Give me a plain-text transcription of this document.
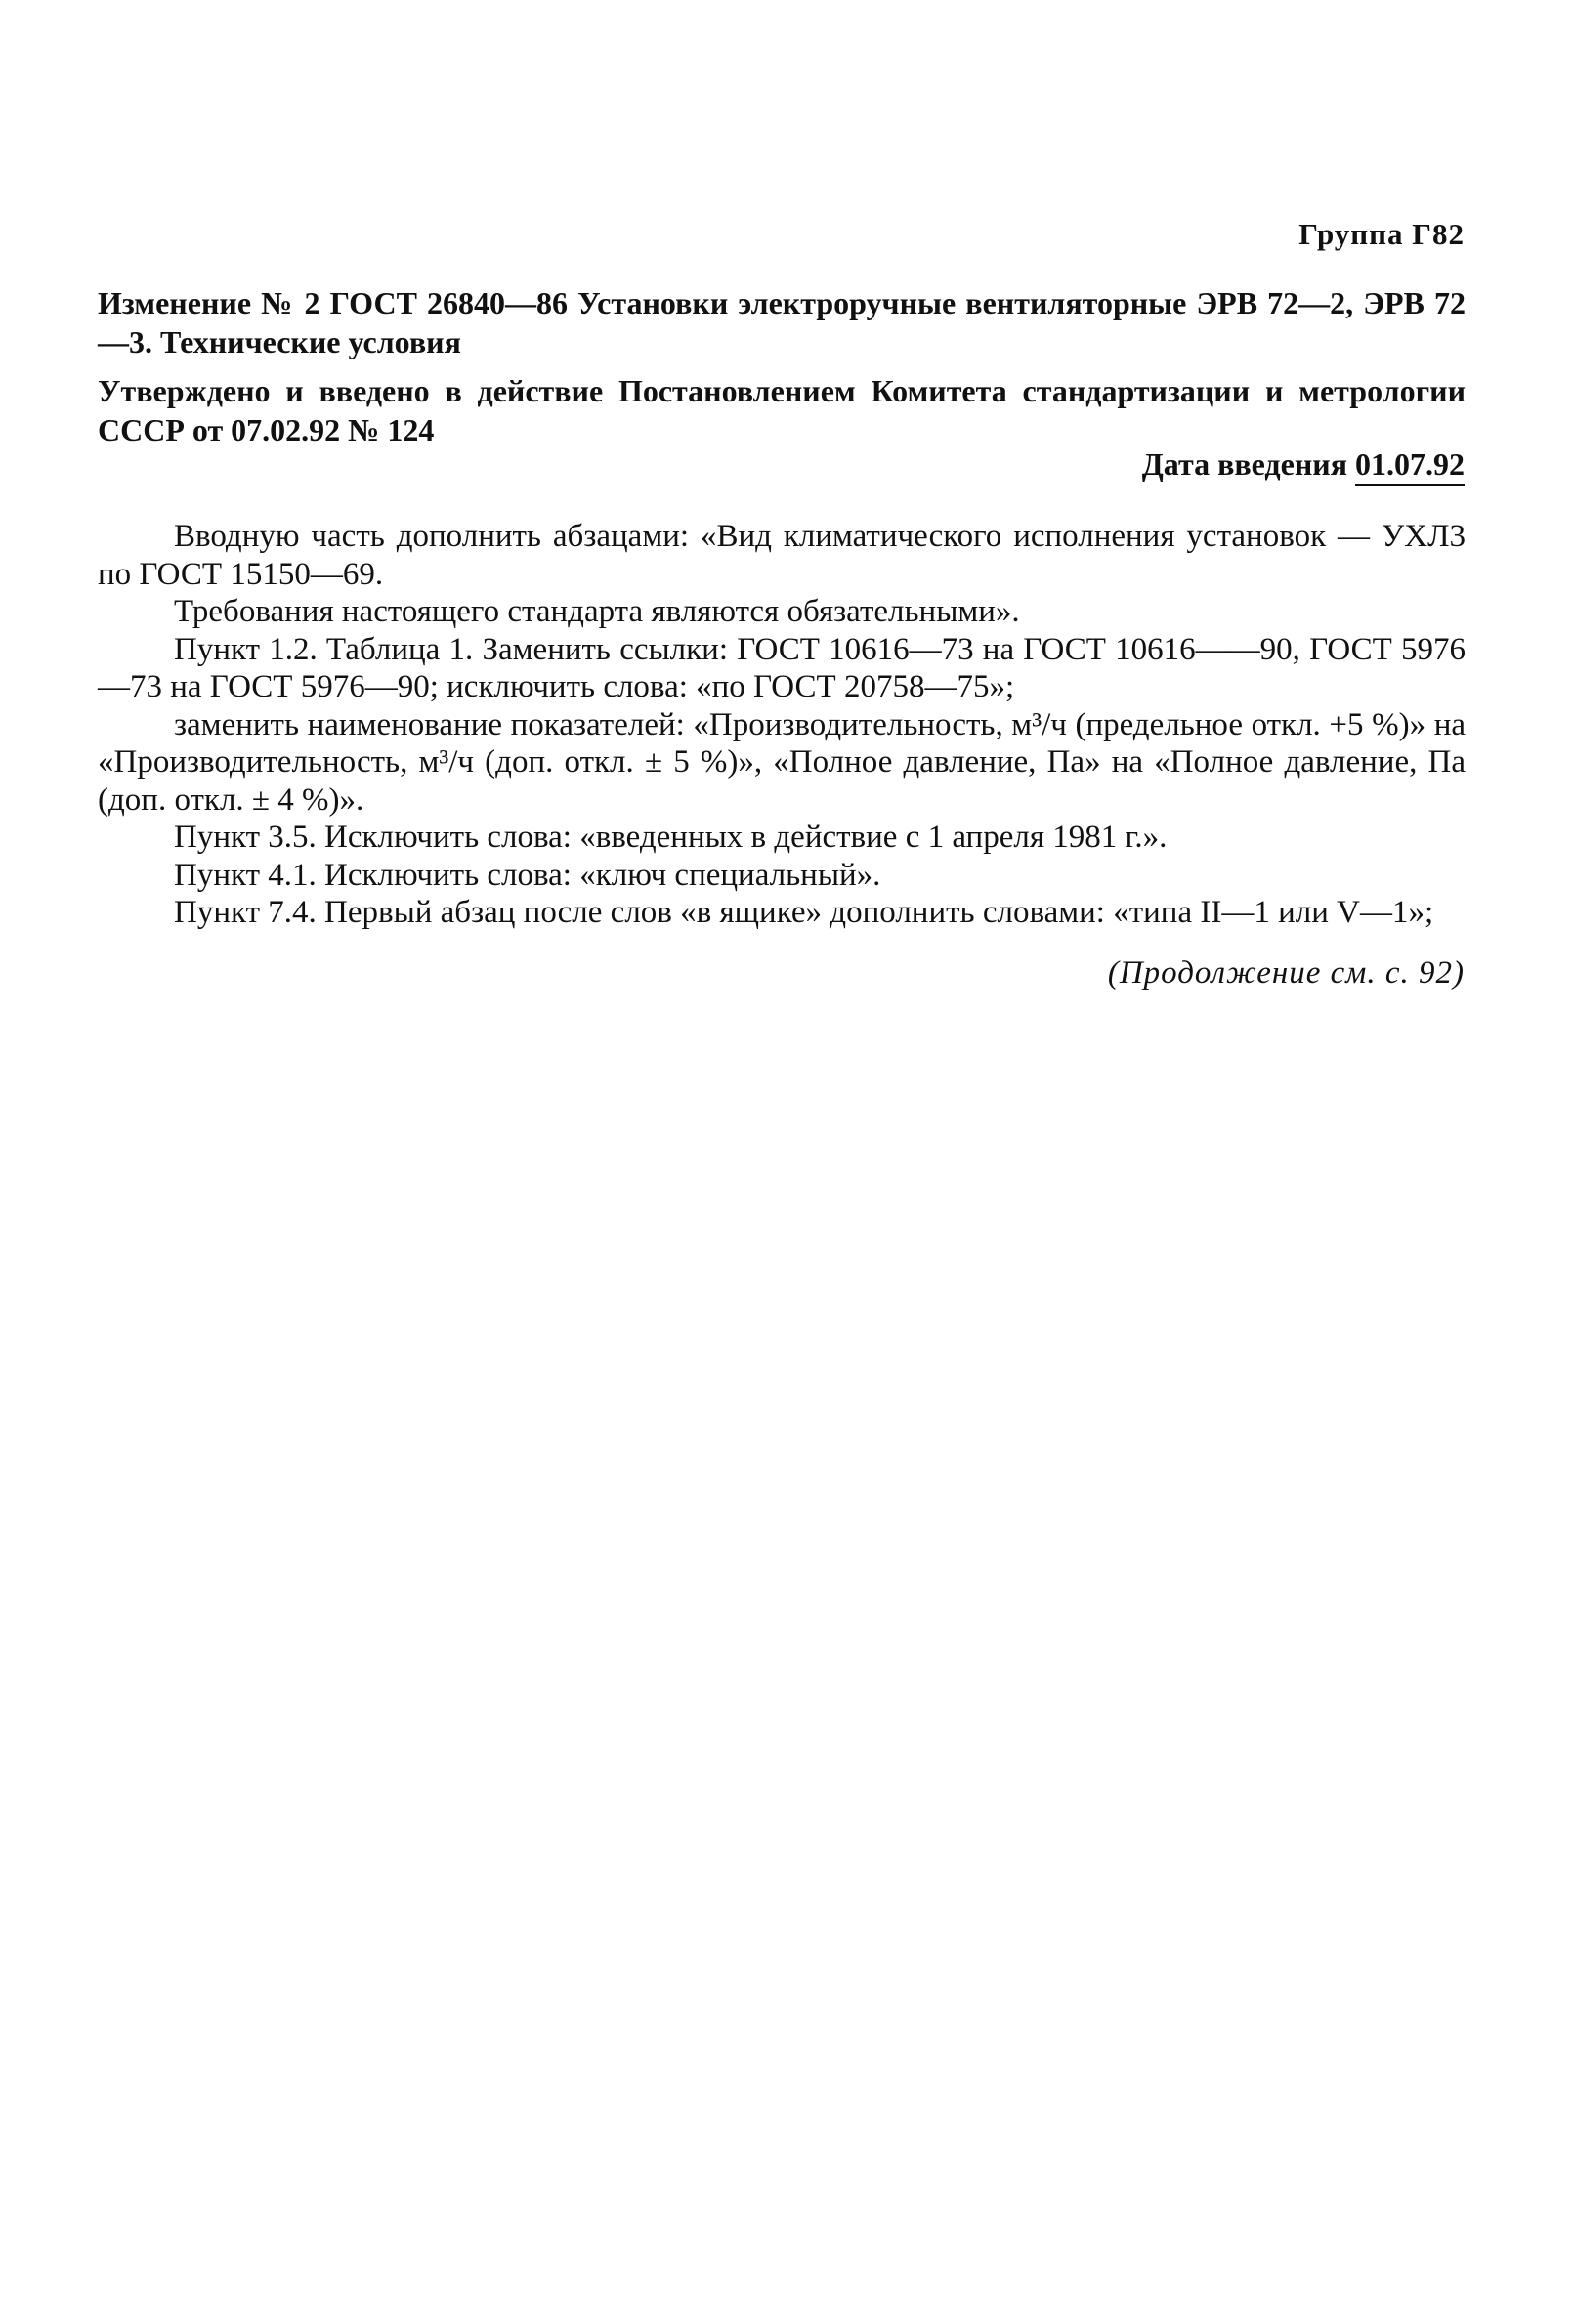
Группа Г82
Изменение № 2 ГОСТ 26840—86 Установки электроручные вентиляторные ЭРВ 72—2, ЭРВ 72—3. Технические условия
Утверждено и введено в действие Постановлением Комитета стандартизации и метрологии СССР от 07.02.92 № 124
Дата введения 01.07.92

Вводную часть дополнить абзацами: «Вид климатического исполнения установок — УХЛ3 по ГОСТ 15150—69.

Требования настоящего стандарта являются обязательными».

Пункт 1.2. Таблица 1. Заменить ссылки: ГОСТ 10616—73 на ГОСТ 10616——90, ГОСТ 5976—73 на ГОСТ 5976—90; исключить слова: «по ГОСТ 20758—75»;

заменить наименование показателей: «Производительность, м³/ч (предельное откл. +5 %)» на «Производительность, м³/ч (доп. откл. ± 5 %)», «Полное давление, Па» на «Полное давление, Па (доп. откл. ± 4 %)».

Пункт 3.5. Исключить слова: «введенных в действие с 1 апреля 1981 г.».

Пункт 4.1. Исключить слова: «ключ специальный».

Пункт 7.4. Первый абзац после слов «в ящике» дополнить словами: «типа II—1 или V—1»;

(Продолжение см. с. 92)
